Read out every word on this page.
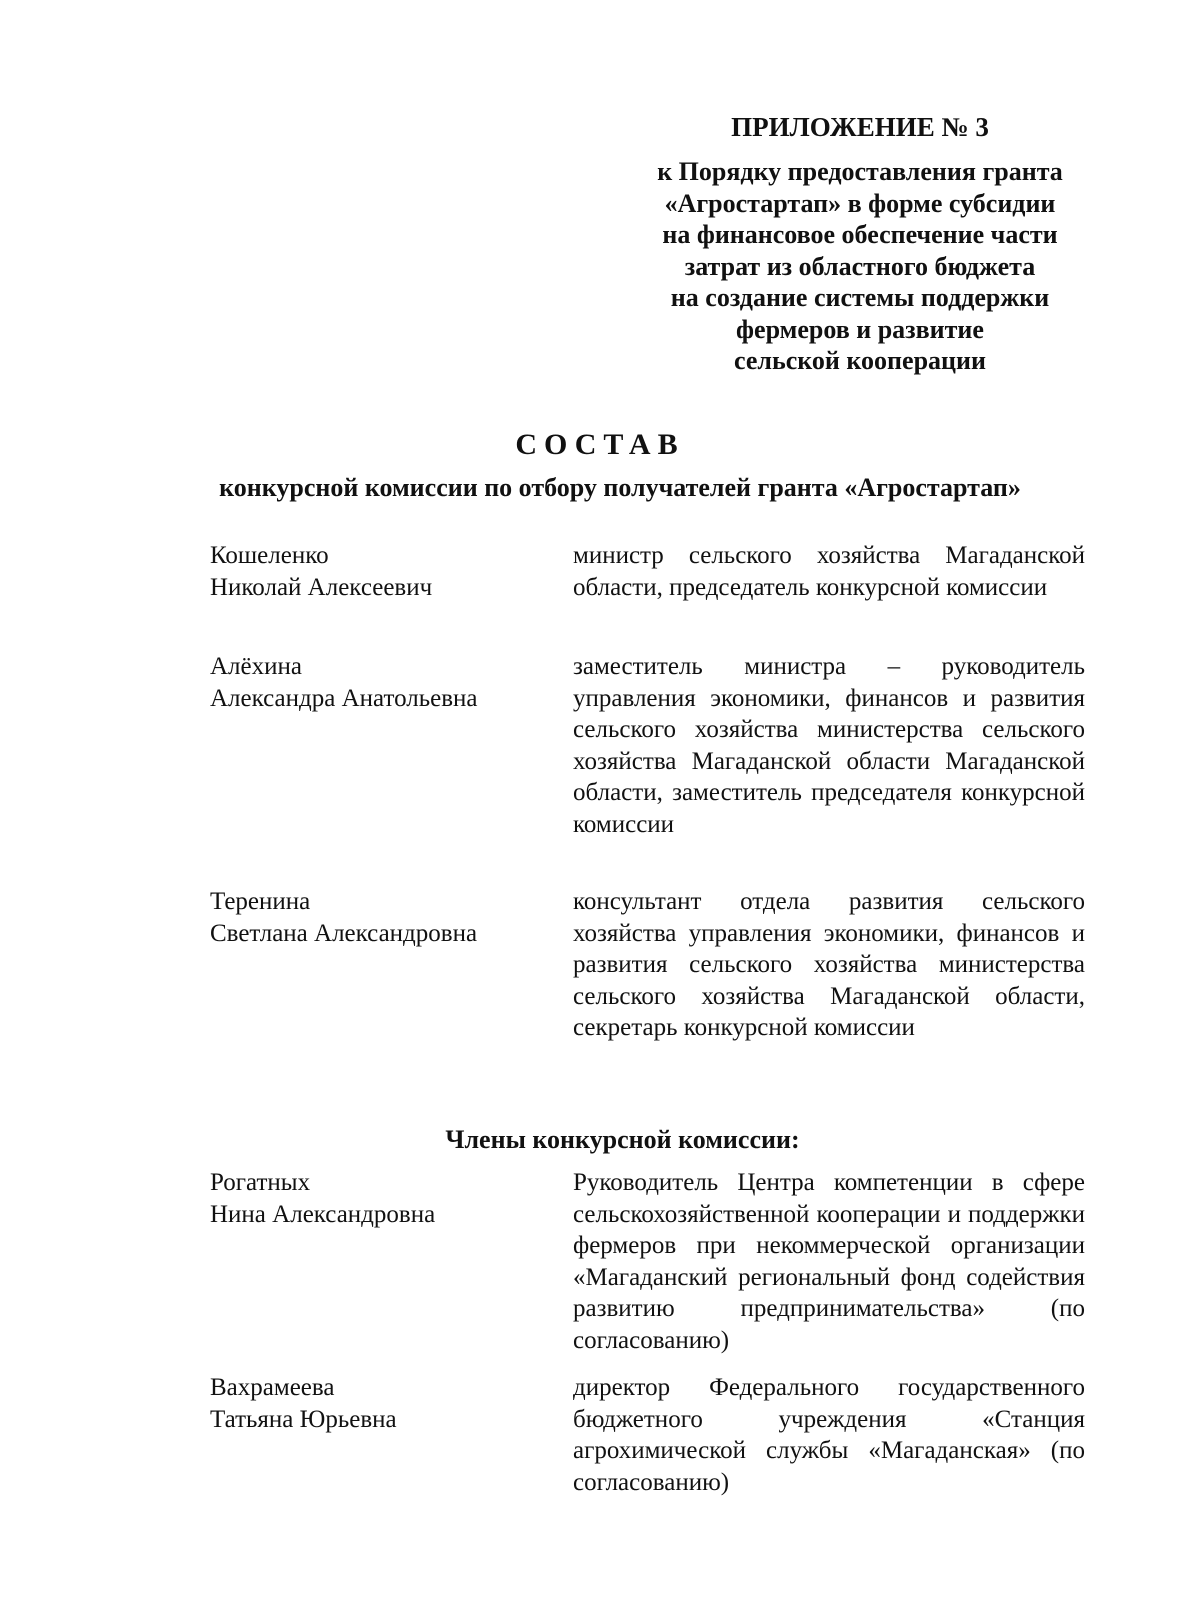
ПРИЛОЖЕНИЕ № 3
к Порядку предоставления гранта
«Агростартап» в форме субсидии
на финансовое обеспечение части
затрат из областного бюджета
на создание системы поддержки
фермеров и развитие
сельской кооперации
СОСТАВ
конкурсной комиссии по отбору получателей гранта «Агростартап»
Кошеленко
Николай Алексеевич
министр сельского хозяйства Магаданской области, председатель конкурсной комиссии
Алёхина
Александра Анатольевна
заместитель министра – руководитель управления экономики, финансов и развития сельского хозяйства министерства сельского хозяйства Магаданской области Магаданской области, заместитель председателя конкурсной комиссии
Теренина
Светлана Александровна
консультант отдела развития сельского хозяйства управления экономики, финансов и развития сельского хозяйства министерства сельского хозяйства Магаданской области, секретарь конкурсной комиссии
Члены конкурсной комиссии:
Рогатных
Нина Александровна
Руководитель Центра компетенции в сфере сельскохозяйственной кооперации и поддержки фермеров при некоммерческой организации «Магаданский региональный фонд содействия развитию предпринимательства» (по согласованию)
Вахрамеева
Татьяна Юрьевна
директор Федерального государственного бюджетного учреждения «Станция агрохимической службы «Магаданская» (по согласованию)
